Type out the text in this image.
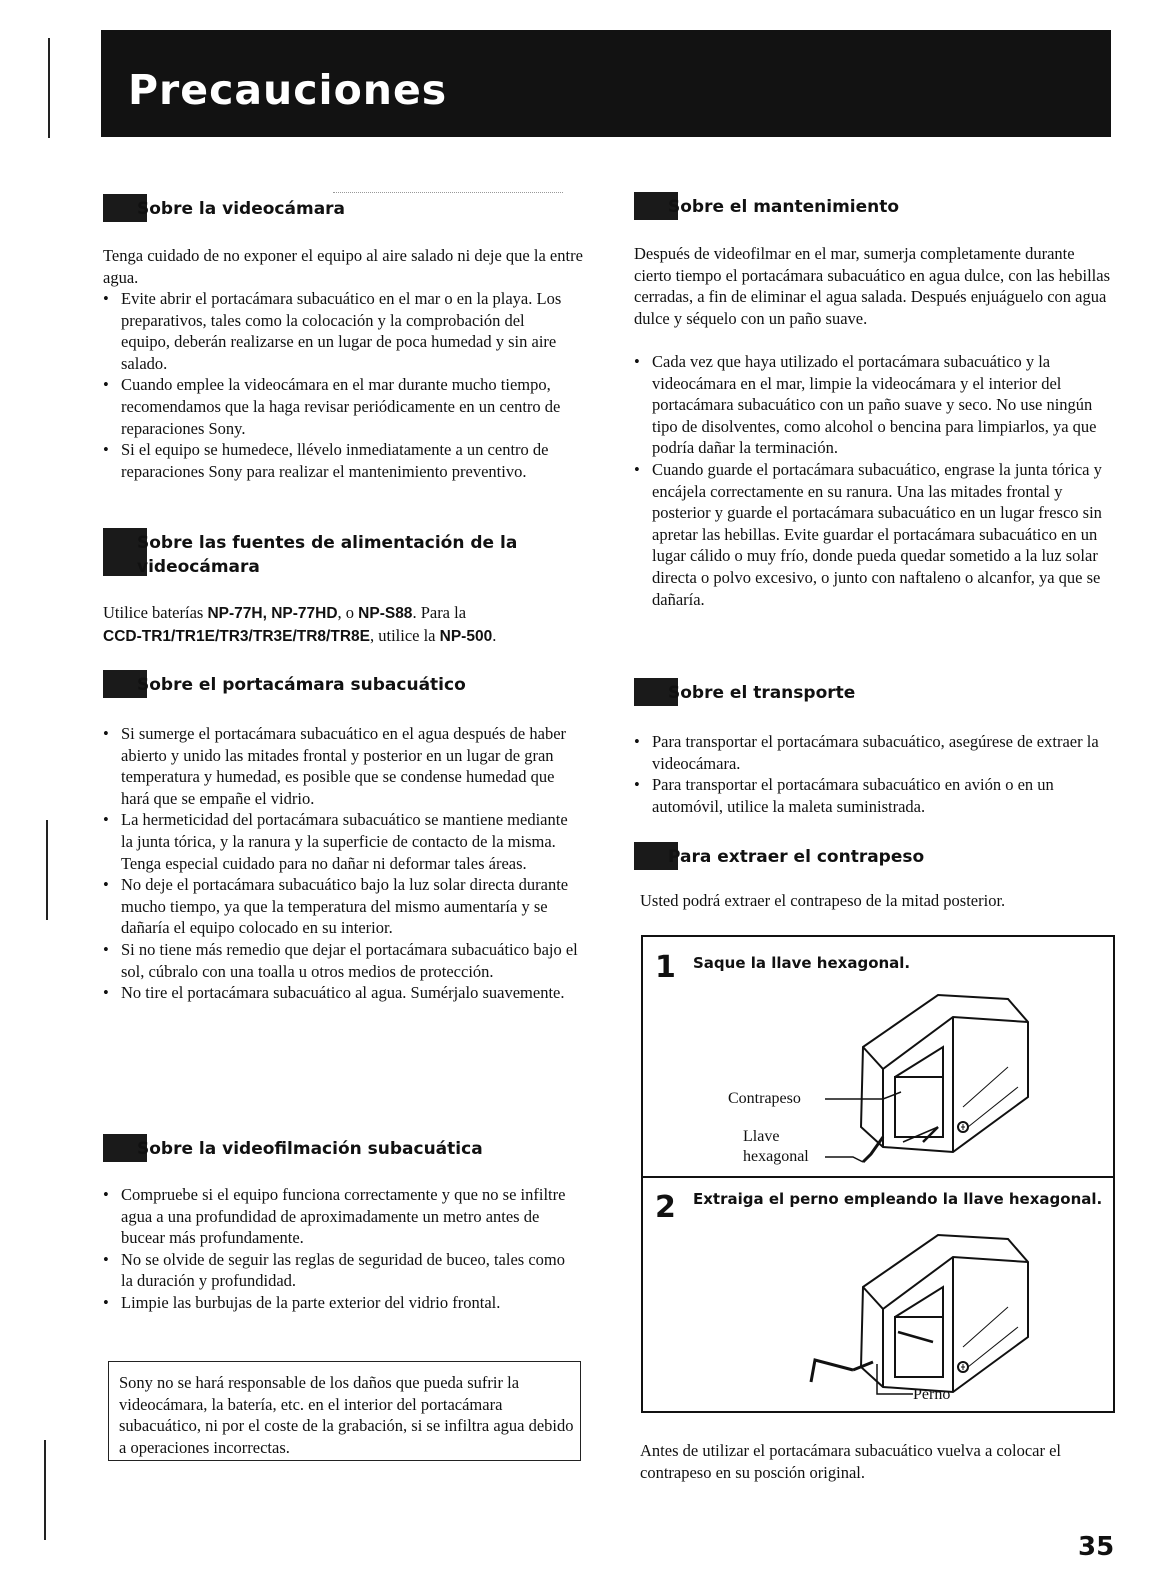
Precauciones
Sobre la videocámara

Tenga cuidado de no exponer el equipo al aire salado ni deje que la entre agua.

• Evite abrir el portacámara subacuático en el mar o en la playa. Los preparativos, tales como la colocación y la comprobación del equipo, deberán realizarse en un lugar de poca humedad y sin aire salado.
• Cuando emplee la videocámara en el mar durante mucho tiempo, recomendamos que la haga revisar periódicamente en un centro de reparaciones Sony.
• Si el equipo se humedece, llévelo inmediatamente a un centro de reparaciones Sony para realizar el mantenimiento preventivo.
Sobre las fuentes de alimentación de la
videocámara

Utilice baterías NP-77H, NP-77HD, o NP-S88. Para la
CCD-TR1/TR1E/TR3/TR3E/TR8/TR8E, utilice la NP-500.

Sobre el portacámara subacuático
• Si sumerge el portacámara subacuático en el agua después de haber abierto y unido las mitades frontal y posterior en un lugar de gran temperatura y humedad, es posible que se condense humedad que hará que se empañe el vidrio.
• La hermeticidad del portacámara subacuático se mantiene mediante la junta tórica, y la ranura y la superficie de contacto de la misma. Tenga especial cuidado para no dañar ni deformar tales áreas.
• No deje el portacámara subacuático bajo la luz solar directa durante mucho tiempo, ya que la temperatura del mismo aumentaría y se dañaría el equipo colocado en su interior.
• Si no tiene más remedio que dejar el portacámara subacuático bajo el sol, cúbralo con una toalla u otros medios de protección.
• No tire el portacámara subacuático al agua. Sumérjalo suavemente.
Sobre la videofilmación subacuática
• Compruebe si el equipo funciona correctamente y que no se infiltre agua a una profundidad de aproximadamente un metro antes de bucear más profundamente.
• No se olvide de seguir las reglas de seguridad de buceo, tales como la duración y profundidad.
• Limpie las burbujas de la parte exterior del vidrio frontal.

Sony no se hará responsable de los daños que pueda sufrir la videocámara, la batería, etc. en el interior del portacámara subacuático, ni por el coste de la grabación, si se infiltra agua debido a operaciones incorrectas.

Sobre el mantenimiento

Después de videofilmar en el mar, sumerja completamente durante cierto tiempo el portacámara subacuático en agua dulce, con las hebillas cerradas, a fin de eliminar el agua salada. Después enjuáguelo con agua dulce y séquelo con un paño suave.

• Cada vez que haya utilizado el portacámara subacuático y la videocámara en el mar, limpie la videocámara y el interior del portacámara subacuático con un paño suave y seco. No use ningún tipo de disolventes, como alcohol o bencina para limpiarlos, ya que podría dañar la terminación.
• Cuando guarde el portacámara subacuático, engrase la junta tórica y encájela correctamente en su ranura. Una las mitades frontal y posterior y guarde el portacámara subacuático en un lugar fresco sin apretar las hebillas. Evite guardar el portacámara subacuático en un lugar cálido o muy frío, donde pueda quedar sometido a la luz solar directa o polvo excesivo, o junto con naftaleno o alcanfor, ya que se dañaría.
Sobre el transporte
• Para transportar el portacámara subacuático, asegúrese de extraer la videocámara.
• Para transportar el portacámara subacuático en avión o en un automóvil, utilice la maleta suministrada.
Para extraer el contrapeso

Usted podrá extraer el contrapeso de la mitad posterior.

1 Saque la llave hexagonal.
Contrapeso
Llave
hexagonal
2 Extraiga el perno empleando la llave hexagonal.
Perno

Antes de utilizar el portacámara subacuático vuelva a colocar el contrapeso en su posción original.

35
